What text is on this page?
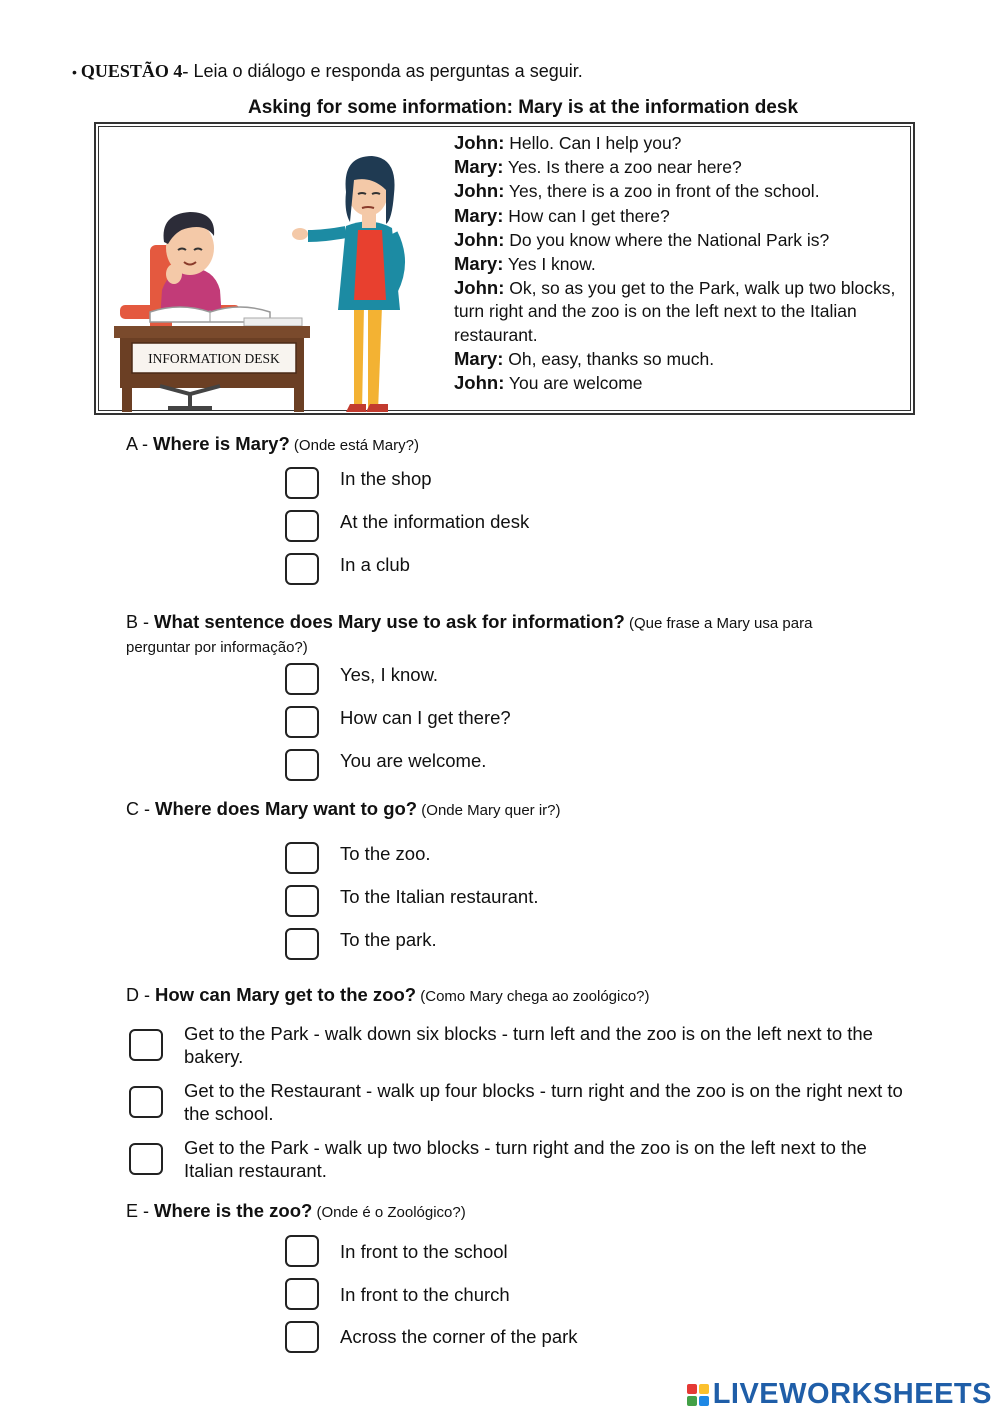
• QUESTÃO 4- Leia o diálogo e responda as perguntas a seguir.
Asking for some information: Mary is at the information desk
INFORMATION DESK
John: Hello. Can I help you?
Mary: Yes. Is there a zoo near here?
John: Yes, there is a zoo in front of the school.
Mary: How can I get there?
John: Do you know where the National Park is?
Mary: Yes I know.
John: Ok, so as you get to the Park, walk up two blocks, turn right and the zoo is on the left next to the Italian restaurant.
Mary: Oh, easy, thanks so much.
John: You are welcome
A - Where is Mary? (Onde está Mary?)
In the shop
At the information desk
In a club
B - What sentence does Mary use to ask for information? (Que frase a Mary usa para
perguntar por informação?)
Yes, I know.
How can I get there?
You are welcome.
C - Where does Mary want to go? (Onde Mary quer ir?)
To the zoo.
To the Italian restaurant.
To the park.
D - How can Mary get to the zoo? (Como Mary chega ao zoológico?)
Get to the Park - walk down six blocks - turn left and the zoo is on the left next to the bakery.
Get to the Restaurant - walk up four blocks - turn right and the zoo is on the right next to the school.
Get to the Park - walk up two blocks - turn right and the zoo is on the left next to the Italian restaurant.
E - Where is the zoo? (Onde é o Zoológico?)
In front to the school
In front to the church
Across the corner of the park
LIVEWORKSHEETS
